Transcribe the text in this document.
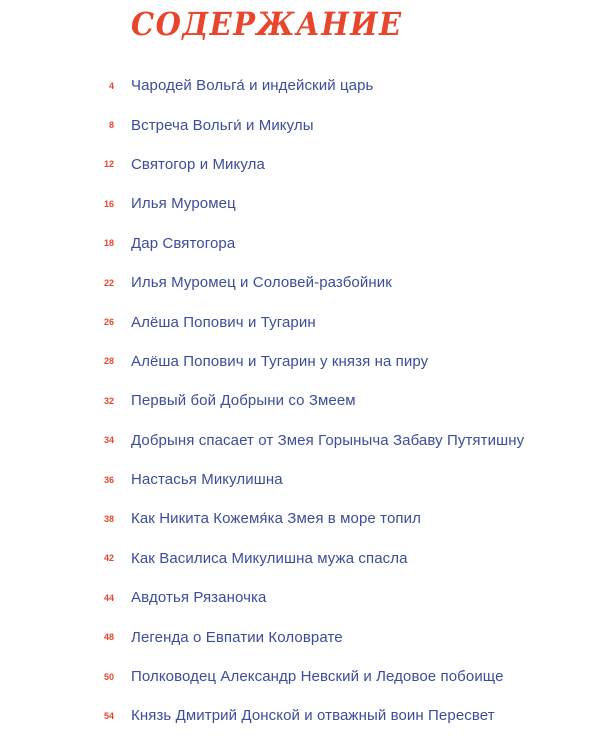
СОДЕРЖАНИЕ
4 Чародей Вольга́ и индейский царь
8 Встреча Вольги́ и Микулы
12 Святогор и Микула
16 Илья Муромец
18 Дар Святогора
22 Илья Муромец и Соловей-разбойник
26 Алёша Попович и Тугарин
28 Алёша Попович и Тугарин у князя на пиру
32 Первый бой Добрыни со Змеем
34 Добрыня спасает от Змея Горыныча Забаву Путятишну
36 Настасья Микулишна
38 Как Никита Кожемя́ка Змея в море топил
42 Как Василиса Микулишна мужа спасла
44 Авдотья Рязаночка
48 Легенда о Евпатии Коловрате
50 Полководец Александр Невский и Ледовое побоище
54 Князь Дмитрий Донской и отважный воин Пересвет
